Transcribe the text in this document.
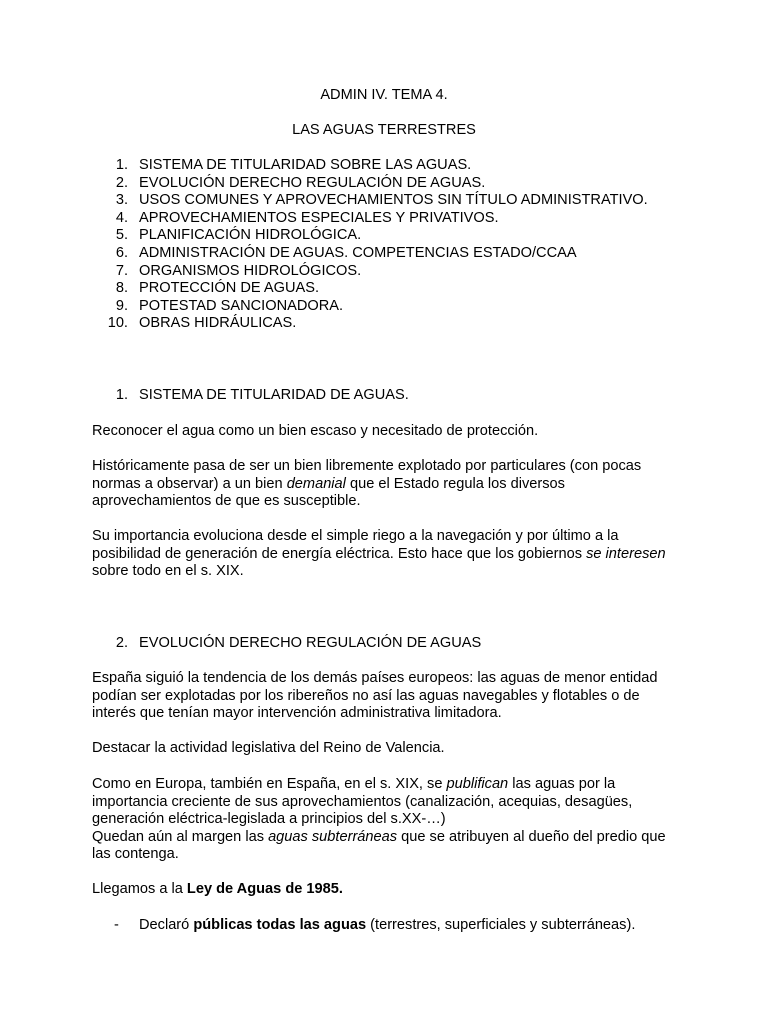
ADMIN IV. TEMA 4.
LAS AGUAS TERRESTRES
1. SISTEMA DE TITULARIDAD SOBRE LAS AGUAS.
2. EVOLUCIÓN DERECHO REGULACIÓN DE AGUAS.
3. USOS COMUNES Y APROVECHAMIENTOS SIN TÍTULO ADMINISTRATIVO.
4. APROVECHAMIENTOS ESPECIALES Y PRIVATIVOS.
5. PLANIFICACIÓN HIDROLÓGICA.
6. ADMINISTRACIÓN DE AGUAS. COMPETENCIAS ESTADO/CCAA
7. ORGANISMOS HIDROLÓGICOS.
8. PROTECCIÓN DE AGUAS.
9. POTESTAD SANCIONADORA.
10. OBRAS HIDRÁULICAS.
1. SISTEMA DE TITULARIDAD DE AGUAS.

Reconocer el agua como un bien escaso y necesitado de protección.

Históricamente pasa de ser un bien libremente explotado por particulares (con pocas normas a observar) a un bien demanial que el Estado regula los diversos aprovechamientos de que es susceptible.

Su importancia evoluciona desde el simple riego a la navegación y por último a la posibilidad de generación de energía eléctrica. Esto hace que los gobiernos se interesen sobre todo en el s. XIX.

2. EVOLUCIÓN DERECHO REGULACIÓN DE AGUAS

España siguió la tendencia de los demás países europeos: las aguas de menor entidad podían ser explotadas por los ribereños no así las aguas navegables y flotables o de interés que tenían mayor intervención administrativa limitadora.

Destacar la actividad legislativa del Reino de Valencia.

Como en Europa, también en España, en el s. XIX, se publifican las aguas por la importancia creciente de sus aprovechamientos (canalización, acequias, desagües, generación eléctrica-legislada a principios del s.XX-…)

Quedan aún al margen las aguas subterráneas que se atribuyen al dueño del predio que las contenga.

Llegamos a la Ley de Aguas de 1985.

- Declaró públicas todas las aguas (terrestres, superficiales y subterráneas).
